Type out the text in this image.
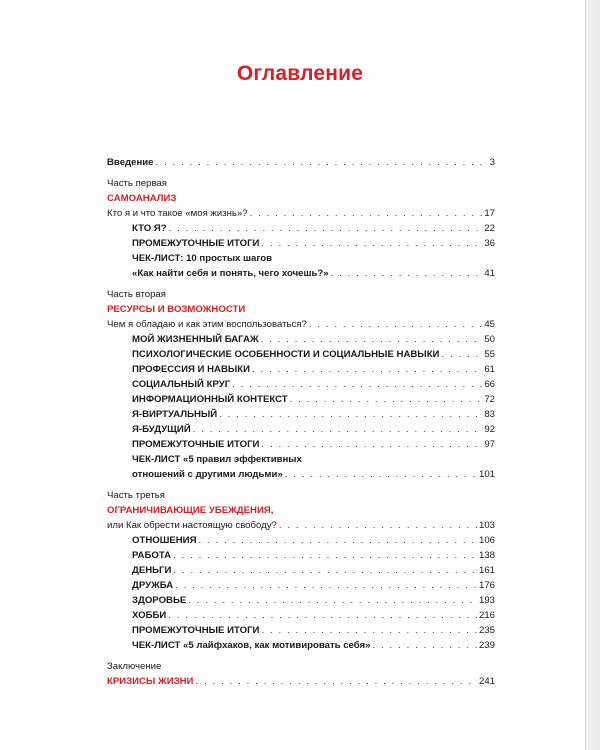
Оглавление
Введение . . .	3
Часть первая
САМОАНАЛИЗ
Кто я и что такое «моя жизнь»? . . .	17
КТО Я? . . .	22
ПРОМЕЖУТОЧНЫЕ ИТОГИ . . .	36
ЧЕК-ЛИСТ: 10 простых шагов
«Как найти себя и понять, чего хочешь?» . . .	41
Часть вторая
РЕСУРСЫ И ВОЗМОЖНОСТИ
Чем я обладаю и как этим воспользоваться? . . .	45
МОЙ ЖИЗНЕННЫЙ БАГАЖ . . .	50
ПСИХОЛОГИЧЕСКИЕ ОСОБЕННОСТИ И СОЦИАЛЬНЫЕ НАВЫКИ . . .	55
ПРОФЕССИЯ И НАВЫКИ . . .	61
СОЦИАЛЬНЫЙ КРУГ . . .	66
ИНФОРМАЦИОННЫЙ КОНТЕКСТ . . .	72
Я-ВИРТУАЛЬНЫЙ . . .	83
Я-БУДУЩИЙ . . .	92
ПРОМЕЖУТОЧНЫЕ ИТОГИ . . .	97
ЧЕК-ЛИСТ «5 правил эффективных
отношений с другими людьми» . . .	101
Часть третья
ОГРАНИЧИВАЮЩИЕ УБЕЖДЕНИЯ,
или Как обрести настоящую свободу? . . .	103
ОТНОШЕНИЯ . . .	106
РАБОТА . . .	138
ДЕНЬГИ . . .	161
ДРУЖБА . . .	176
ЗДОРОВЬЕ . . .	193
ХОББИ . . .	216
ПРОМЕЖУТОЧНЫЕ ИТОГИ . . .	235
ЧЕК-ЛИСТ «5 лайфхаков, как мотивировать себя» . . .	239
Заключение
КРИЗИСЫ ЖИЗНИ . . .	241
